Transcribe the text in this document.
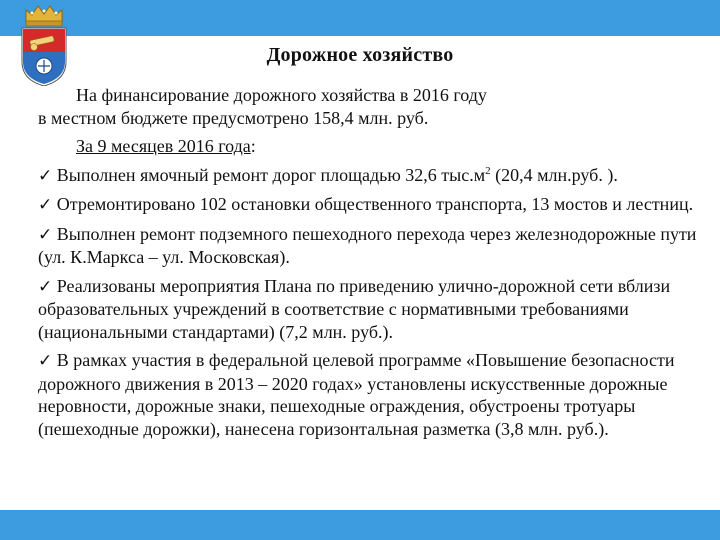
Дорожное хозяйство

На финансирование дорожного хозяйства в 2016 году

в местном бюджете предусмотрено 158,4 млн. руб.

За 9 месяцев 2016 года:

✓ Выполнен ямочный ремонт дорог площадью 32,6 $тыс.м^2$ (20,4 млн.руб. ).

✓ Отремонтировано 102 остановки общественного транспорта, 13 мостов и лестниц.

✓ Выполнен ремонт подземного пешеходного перехода через железнодорожные пути (ул. К.Маркса – ул. Московская).

✓ Реализованы мероприятия Плана по приведению улично-дорожной сети вблизи образовательных учреждений в соответствие с нормативными требованиями (национальными стандартами) (7,2 млн. руб.).

✓ В рамках участия в федеральной целевой программе «Повышение безопасности дорожного движения в 2013 – 2020 годах» установлены искусственные дорожные неровности, дорожные знаки, пешеходные ограждения, обустроены тротуары (пешеходные дорожки), нанесена горизонтальная разметка (3,8 млн. руб.).
